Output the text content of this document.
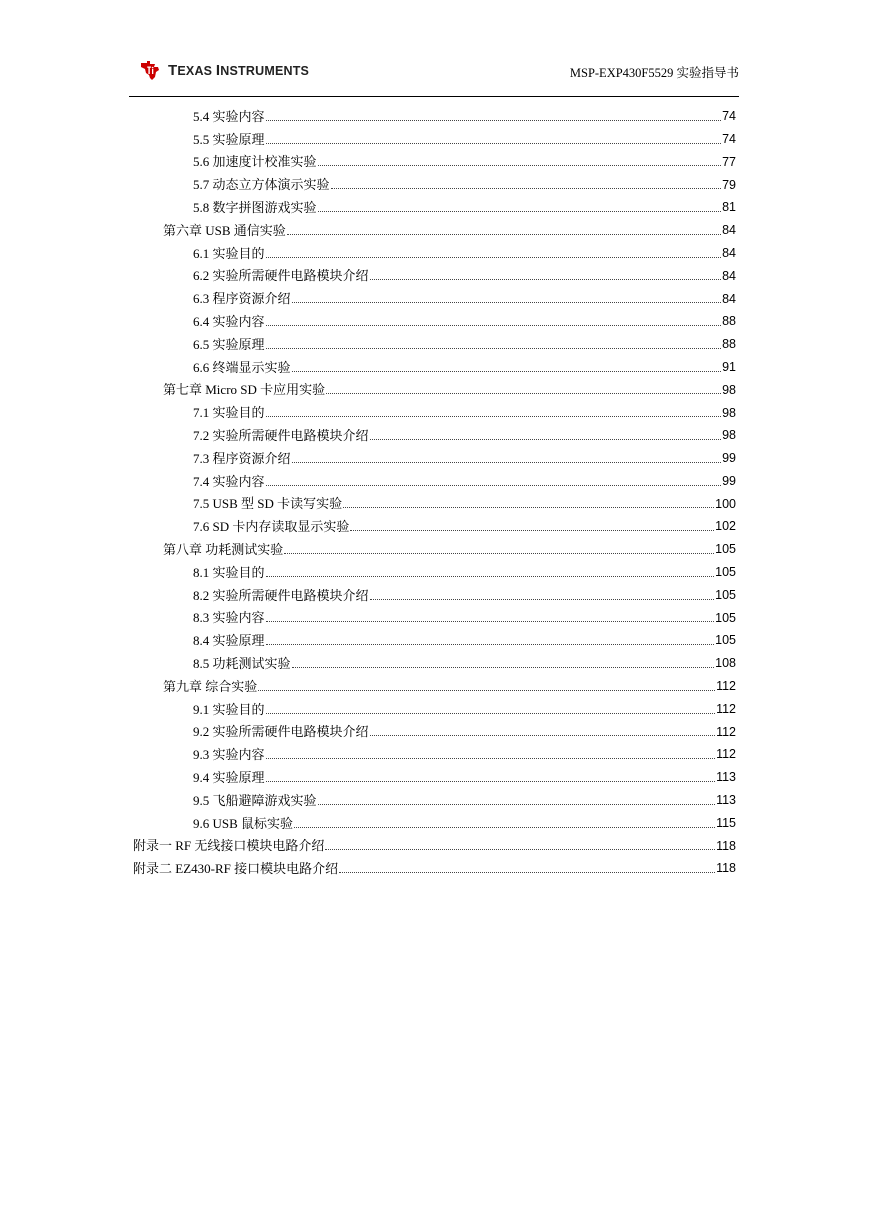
TEXAS INSTRUMENTS	MSP-EXP430F5529 实验指导书
5.4 实验内容	74
5.5 实验原理	74
5.6 加速度计校准实验	77
5.7 动态立方体演示实验	79
5.8 数字拼图游戏实验	81
第六章 USB 通信实验	84
6.1 实验目的	84
6.2 实验所需硬件电路模块介绍	84
6.3 程序资源介绍	84
6.4 实验内容	88
6.5 实验原理	88
6.6 终端显示实验	91
第七章 Micro SD 卡应用实验	98
7.1 实验目的	98
7.2 实验所需硬件电路模块介绍	98
7.3 程序资源介绍	99
7.4 实验内容	99
7.5 USB 型 SD 卡读写实验	100
7.6 SD 卡内存读取显示实验	102
第八章 功耗测试实验	105
8.1 实验目的	105
8.2 实验所需硬件电路模块介绍	105
8.3 实验内容	105
8.4 实验原理	105
8.5 功耗测试实验	108
第九章 综合实验	112
9.1 实验目的	112
9.2 实验所需硬件电路模块介绍	112
9.3 实验内容	112
9.4 实验原理	113
9.5 飞船避障游戏实验	113
9.6 USB 鼠标实验	115
附录一 RF 无线接口模块电路介绍	118
附录二 EZ430-RF 接口模块电路介绍	118
